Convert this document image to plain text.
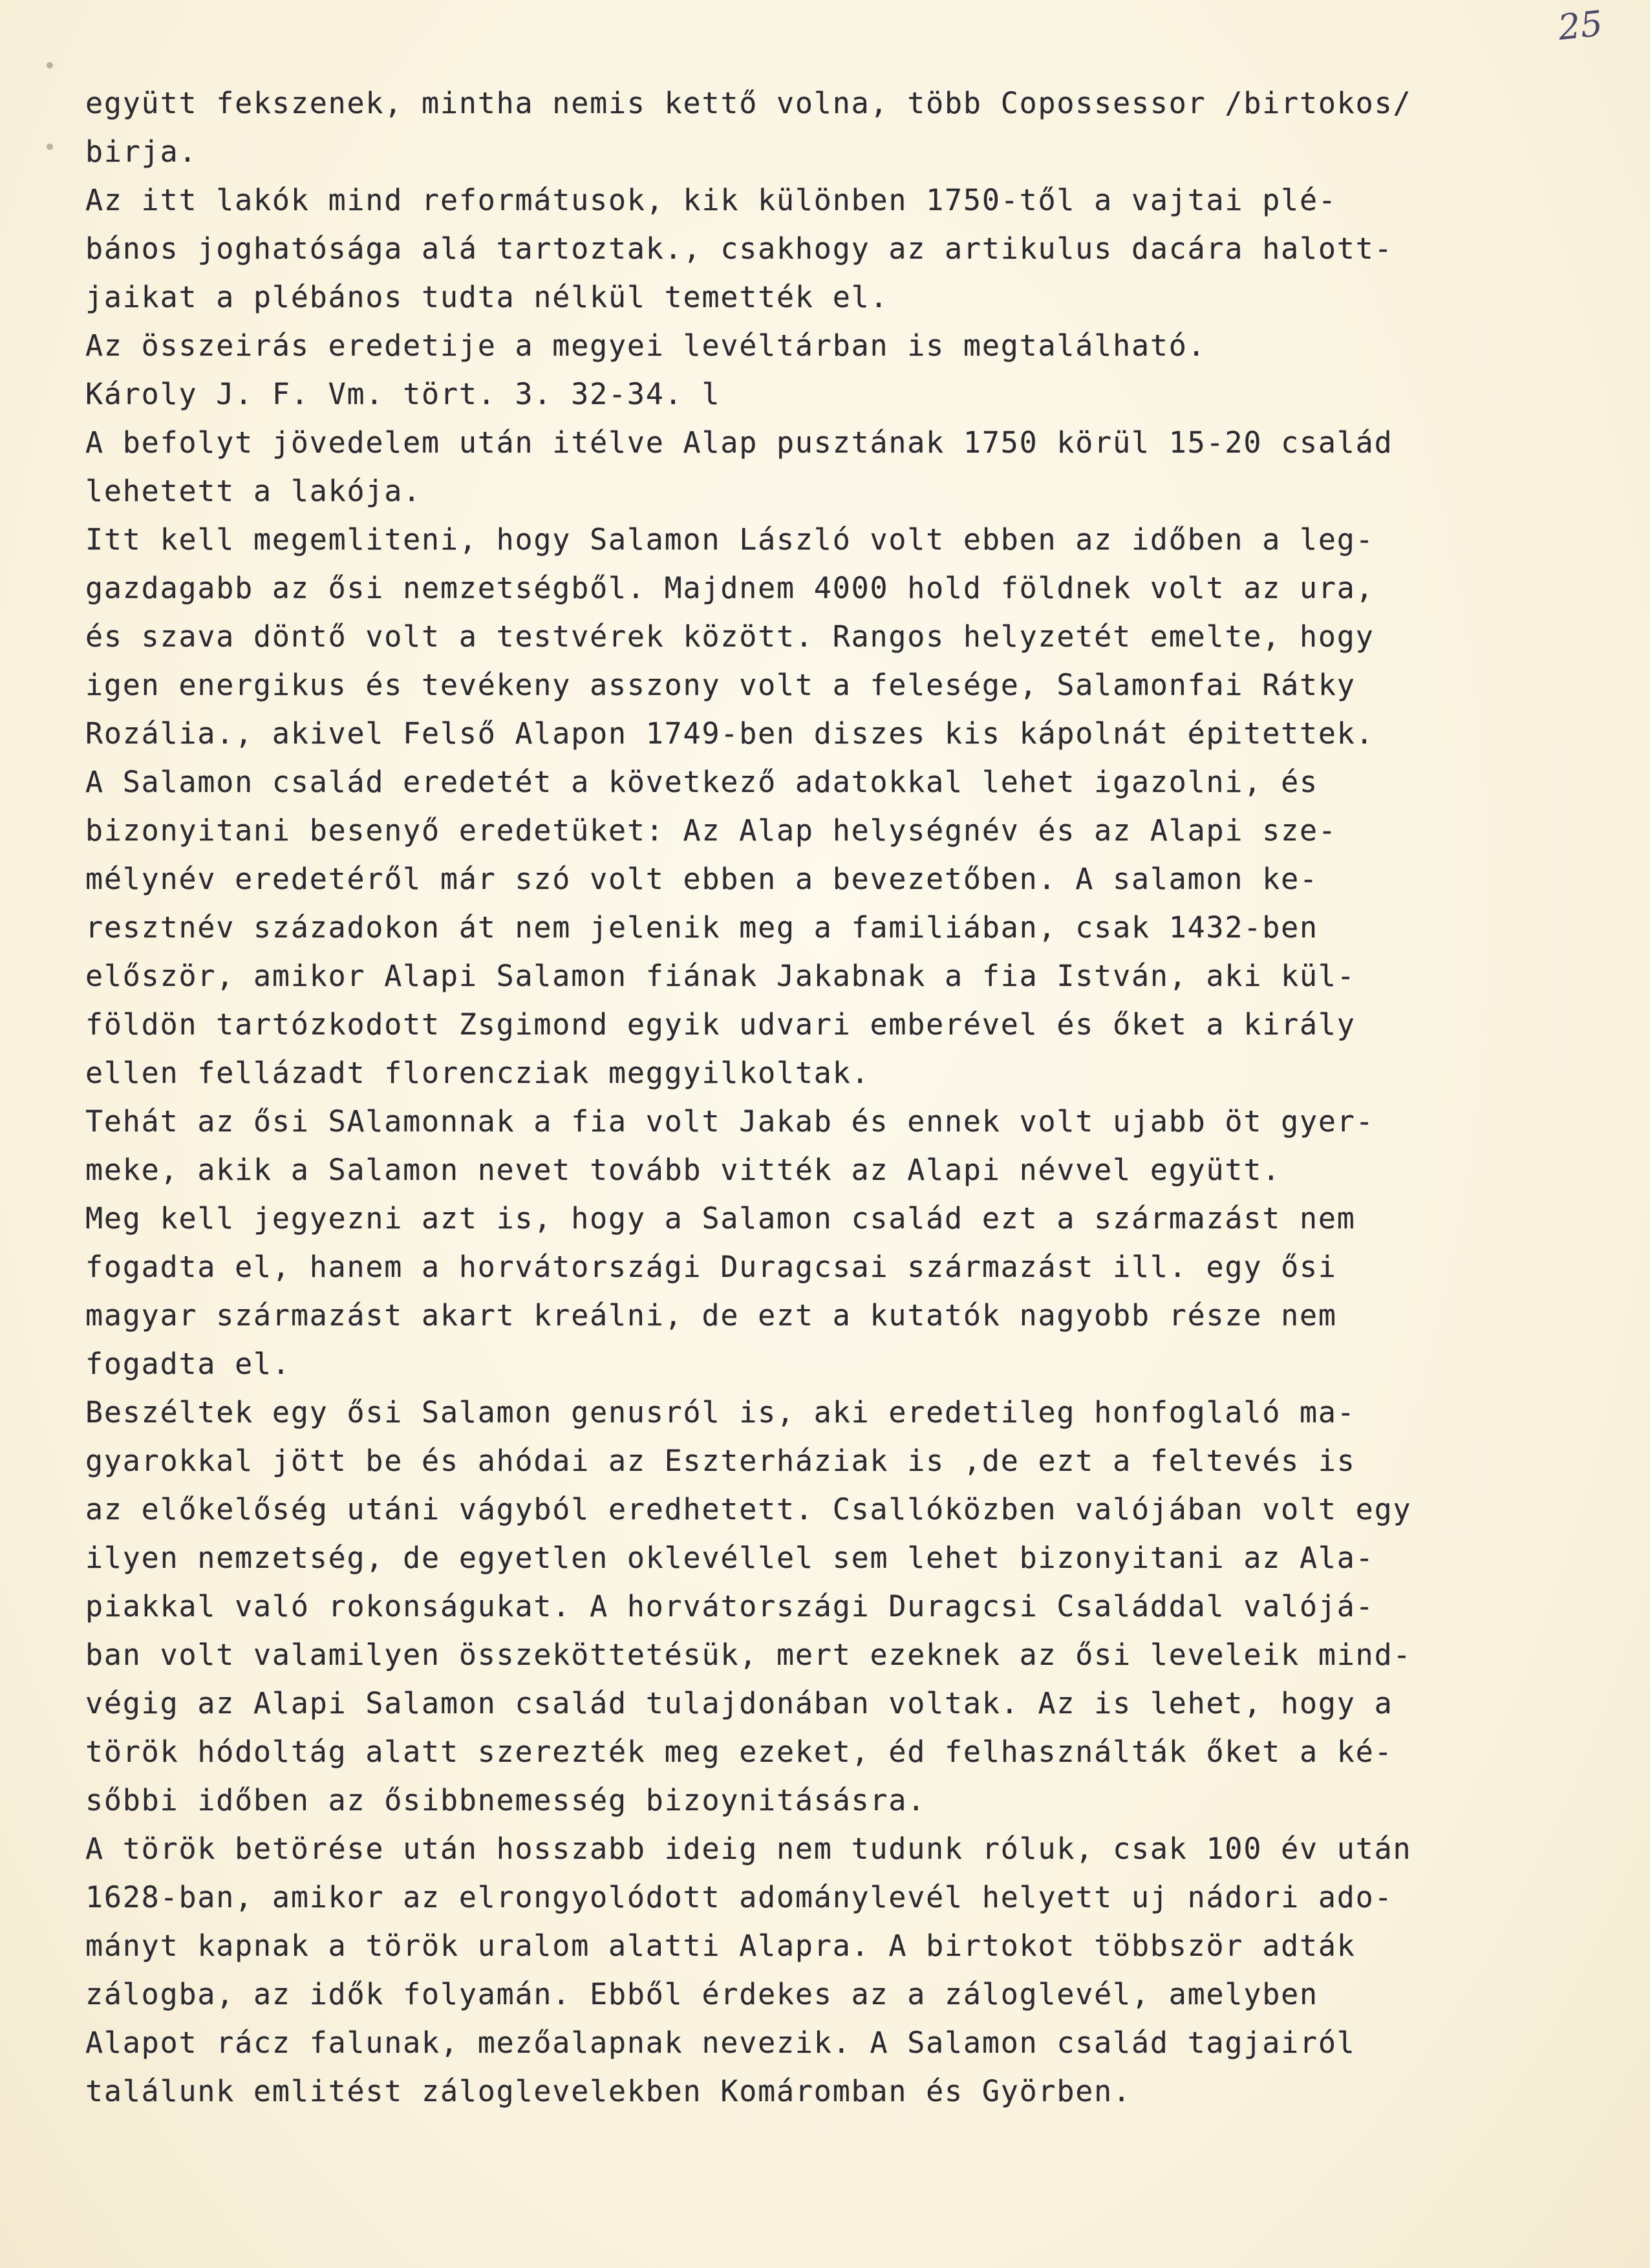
25
együtt fekszenek, mintha nemis kettő volna, több Copossessor /birtokos/
birja.
Az itt lakók mind reformátusok, kik különben 1750-től a vajtai plé-
bános joghatósága alá tartoztak., csakhogy az artikulus dacára halott-
jaikat a plébános tudta nélkül temették el.
Az összeirás eredetije a megyei levéltárban is megtalálható.
Károly J. F. Vm. tört. 3. 32-34. l
A befolyt jövedelem után itélve Alap pusztának 1750 körül 15-20 család
lehetett a lakója.
Itt kell megemliteni, hogy Salamon László volt ebben az időben a leg-
gazdagabb az ősi nemzetségből. Majdnem 4000 hold földnek volt az ura,
és szava döntő volt a testvérek között. Rangos helyzetét emelte, hogy
igen energikus és tevékeny asszony volt a felesége, Salamonfai Rátky
Rozália., akivel Felső Alapon 1749-ben diszes kis kápolnát épitettek.
A Salamon család eredetét a következő adatokkal lehet igazolni, és
bizonyitani besenyő eredetüket: Az Alap helységnév és az Alapi sze-
mélynév eredetéről már szó volt ebben a bevezetőben. A salamon ke-
resztnév századokon át nem jelenik meg a familiában, csak 1432-ben
először, amikor Alapi Salamon fiának Jakabnak a fia István, aki kül-
földön tartózkodott Zsgimond egyik udvari emberével és őket a király
ellen fellázadt florencziak meggyilkoltak.
Tehát az ősi SAlamonnak a fia volt Jakab és ennek volt ujabb öt gyer-
meke, akik a Salamon nevet tovább vitték az Alapi névvel együtt.
Meg kell jegyezni azt is, hogy a Salamon család ezt a származást nem
fogadta el, hanem a horvátországi Duragcsai származást ill. egy ősi
magyar származást akart kreálni, de ezt a kutatók nagyobb része nem
fogadta el.
Beszéltek egy ősi Salamon genusról is, aki eredetileg honfoglaló ma-
gyarokkal jött be és ahódai az Eszterháziak is ,de ezt a feltevés is
az előkelőség utáni vágyból eredhetett. Csallóközben valójában volt egy
ilyen nemzetség, de egyetlen oklevéllel sem lehet bizonyitani az Ala-
piakkal való rokonságukat. A horvátországi Duragcsi Családdal valójá-
ban volt valamilyen összeköttetésük, mert ezeknek az ősi leveleik mind-
végig az Alapi Salamon család tulajdonában voltak. Az is lehet, hogy a
török hódoltág alatt szerezték meg ezeket, éd felhasználták őket a ké-
sőbbi időben az ősibbnemesség bizoynitásásra.
A török betörése után hosszabb ideig nem tudunk róluk, csak 100 év után
1628-ban, amikor az elrongyolódott adománylevél helyett uj nádori ado-
mányt kapnak a török uralom alatti Alapra. A birtokot többször adták
zálogba, az idők folyamán. Ebből érdekes az a záloglevél, amelyben
Alapot rácz falunak, mezőalapnak nevezik. A Salamon család tagjairól
találunk emlitést záloglevelekben Komáromban és Györben.
